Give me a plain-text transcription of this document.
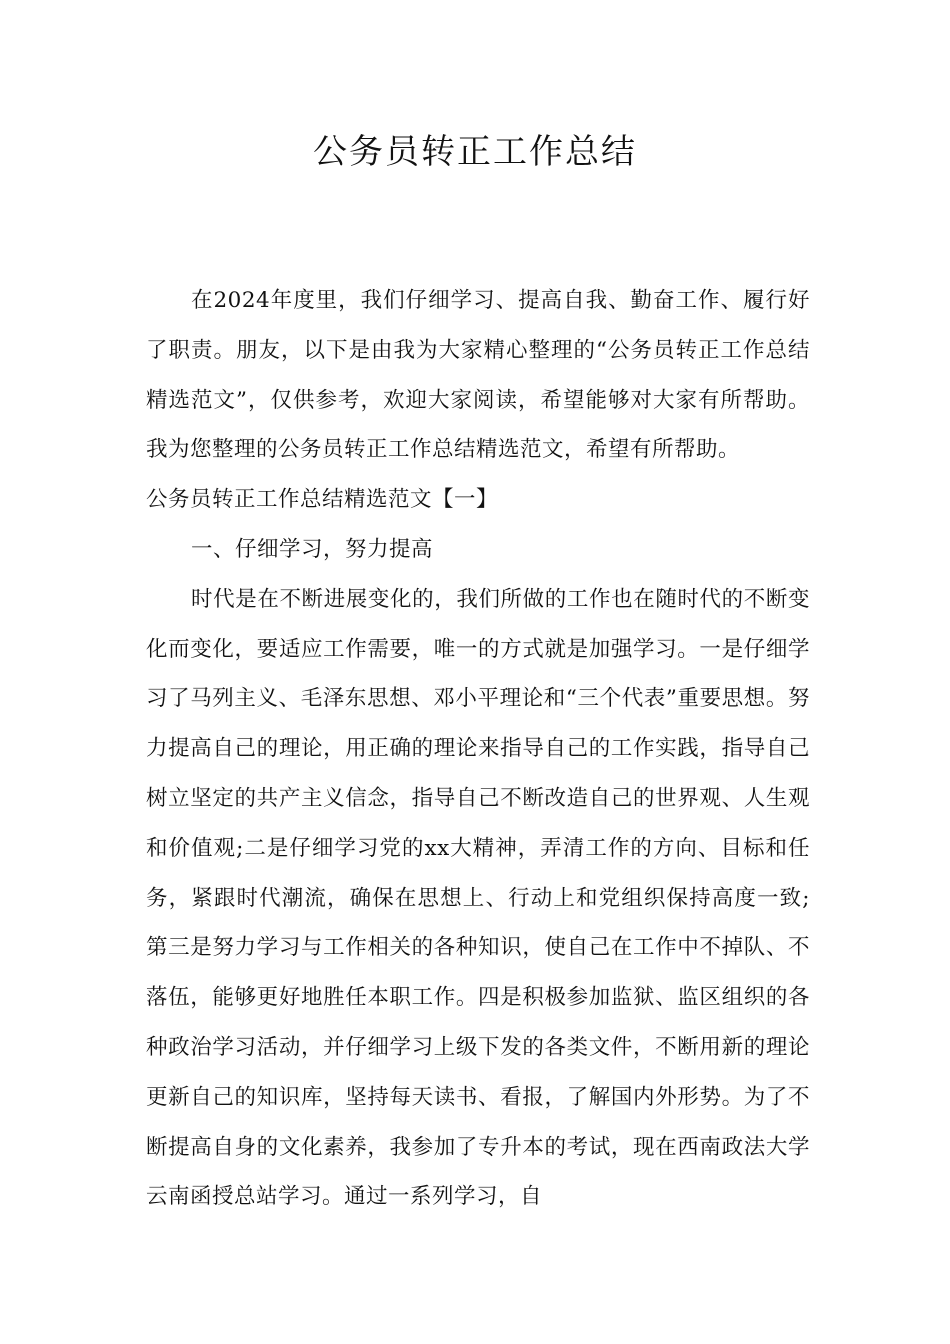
公务员转正工作总结

在2024年度里，我们仔细学习、提高自我、勤奋工作、履行好了职责。朋友，以下是由我为大家精心整理的“公务员转正工作总结精选范文”，仅供参考，欢迎大家阅读，希望能够对大家有所帮助。我为您整理的公务员转正工作总结精选范文，希望有所帮助。

公务员转正工作总结精选范文【一】

一、仔细学习，努力提高

时代是在不断进展变化的，我们所做的工作也在随时代的不断变化而变化，要适应工作需要，唯一的方式就是加强学习。一是仔细学习了马列主义、毛泽东思想、邓小平理论和“三个代表”重要思想。努力提高自己的理论，用正确的理论来指导自己的工作实践，指导自己树立坚定的共产主义信念，指导自己不断改造自己的世界观、人生观和价值观;二是仔细学习党的xx大精神，弄清工作的方向、目标和任务，紧跟时代潮流，确保在思想上、行动上和党组织保持高度一致;第三是努力学习与工作相关的各种知识，使自己在工作中不掉队、不落伍，能够更好地胜任本职工作。四是积极参加监狱、监区组织的各种政治学习活动，并仔细学习上级下发的各类文件，不断用新的理论更新自己的知识库，坚持每天读书、看报，了解国内外形势。为了不断提高自身的文化素养，我参加了专升本的考试，现在西南政法大学云南函授总站学习。通过一系列学习，自
